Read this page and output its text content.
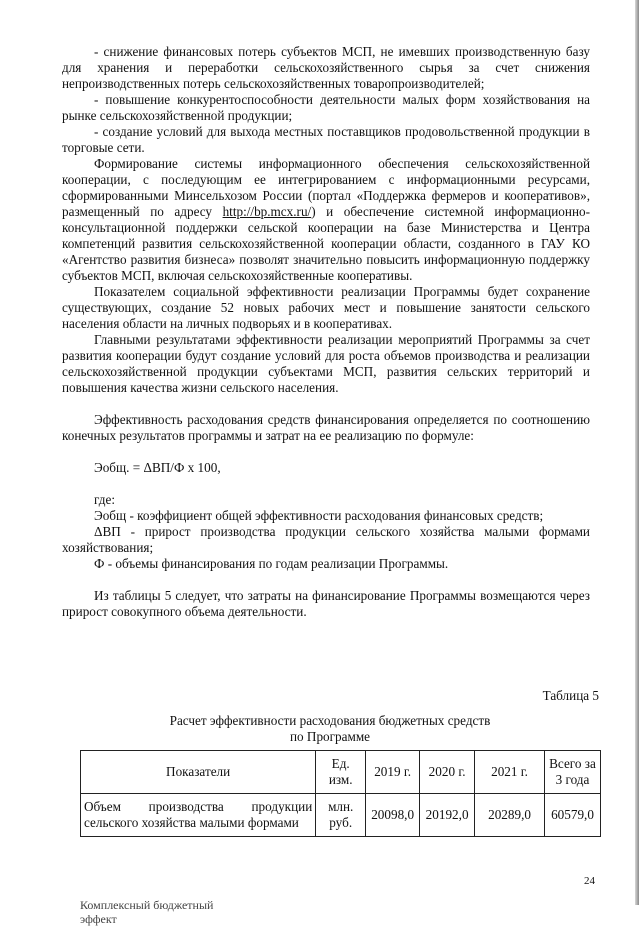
- снижение финансовых потерь субъектов МСП, не имевших производственную базу для хранения и переработки сельскохозяйственного сырья за счет снижения непроизводственных потерь сельскохозяйственных товаропроизводителей;

- повышение конкурентоспособности деятельности малых форм хозяйствования на рынке сельскохозяйственной продукции;

- создание условий для выхода местных поставщиков продовольственной продукции в торговые сети.

Формирование системы информационного обеспечения сельскохозяйственной кооперации, с последующим ее интегрированием с информационными ресурсами, сформированными Минсельхозом России (портал «Поддержка фермеров и кооперативов», размещенный по адресу http://bp.mcx.ru/) и обеспечение системной информационно-консультационной поддержки сельской кооперации на базе Министерства и Центра компетенций развития сельскохозяйственной кооперации области, созданного в ГАУ КО «Агентство развития бизнеса» позволят значительно повысить информационную поддержку субъектов МСП, включая сельскохозяйственные кооперативы.

Показателем социальной эффективности реализации Программы будет сохранение существующих, создание 52 новых рабочих мест и повышение занятости сельского населения области на личных подворьях и в кооперативах.

Главными результатами эффективности реализации мероприятий Программы за счет развития кооперации будут создание условий для роста объемов производства и реализации сельскохозяйственной продукции субъектами МСП, развития сельских территорий и повышения качества жизни сельского населения.

Эффективность расходования средств финансирования определяется по соотношению конечных результатов программы и затрат на ее реализацию по формуле:

Эобщ. = ΔВП/Ф х 100,

где:

Эобщ - коэффициент общей эффективности расходования финансовых средств;

ΔВП - прирост производства продукции сельского хозяйства малыми формами хозяйствования;

Ф - объемы финансирования по годам реализации Программы.

Из таблицы 5 следует, что затраты на финансирование Программы возмещаются через прирост совокупного объема деятельности.

Таблица 5
Расчет эффективности расходования бюджетных средств
по Программе
Показатели	Ед. изм.	2019 г.	2020 г.	2021 г.	Всего за 3 года
Объем производства продукции сельского хозяйства малыми формами	млн. руб.	20098,0	20192,0	20289,0	60579,0
24
Комплексный бюджетный эффект
